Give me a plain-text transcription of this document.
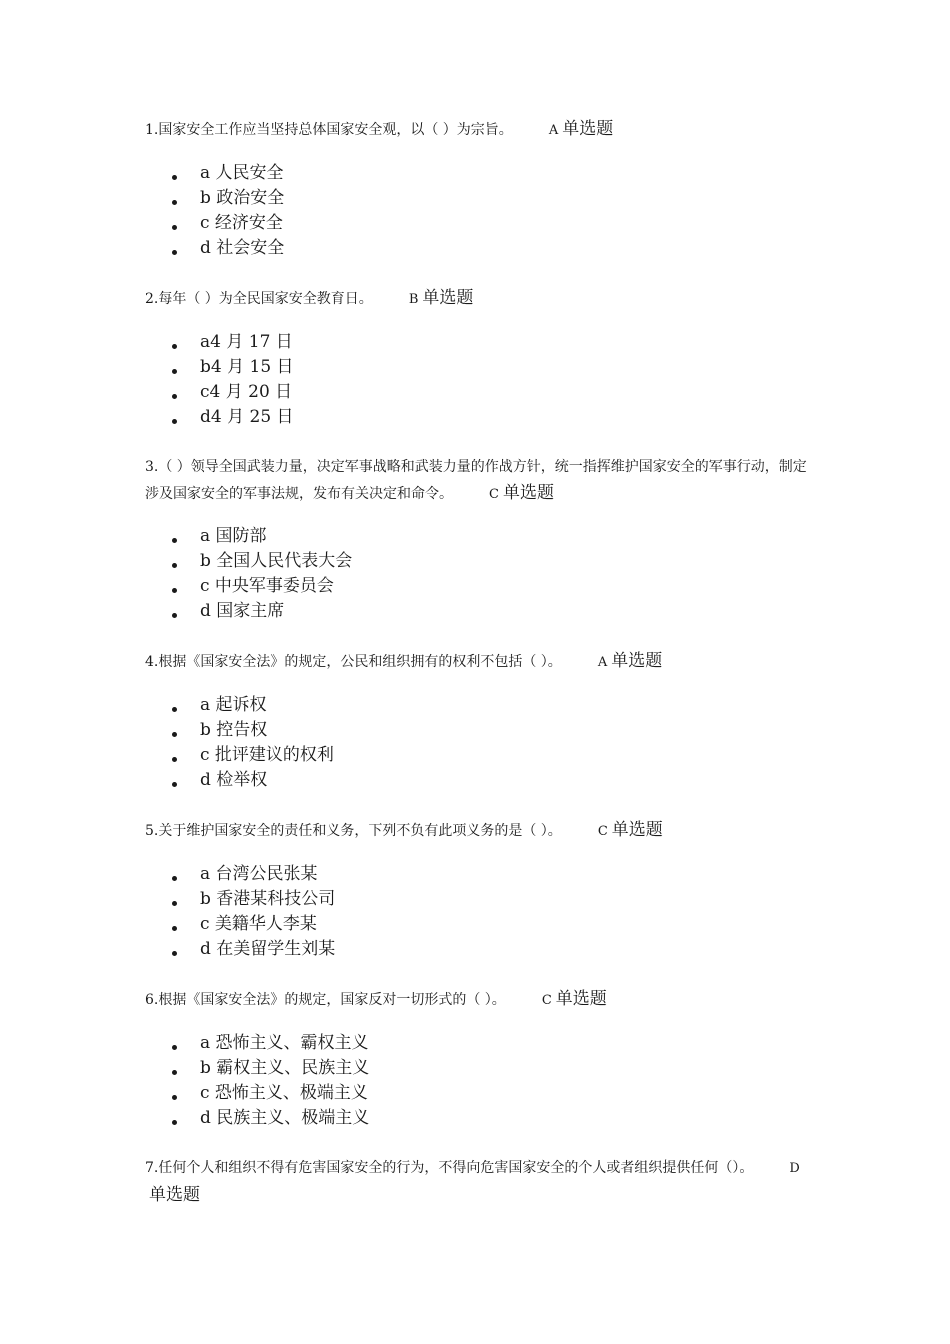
1.国家安全工作应当坚持总体国家安全观，以（ ）为宗旨。	A 单选题

a 人民安全
b 政治安全
c 经济安全
d 社会安全

2.每年（ ）为全民国家安全教育日。	B 单选题

a4 月 17 日
b4 月 15 日
c4 月 20 日
d4 月 25 日

3.（ ）领导全国武装力量，决定军事战略和武装力量的作战方针，统一指挥维护国家安全的军事行动，制定涉及国家安全的军事法规，发布有关决定和命令。	C 单选题

a 国防部
b 全国人民代表大会
c 中央军事委员会
d 国家主席

4.根据《国家安全法》的规定，公民和组织拥有的权利不包括（ ）。	A 单选题

a 起诉权
b 控告权
c 批评建议的权利
d 检举权

5.关于维护国家安全的责任和义务，下列不负有此项义务的是（ ）。	C 单选题

a 台湾公民张某
b 香港某科技公司
c 美籍华人李某
d 在美留学生刘某

6.根据《国家安全法》的规定，国家反对一切形式的（ ）。	C 单选题

a 恐怖主义、霸权主义
b 霸权主义、民族主义
c 恐怖主义、极端主义
d 民族主义、极端主义

7.任何个人和组织不得有危害国家安全的行为，不得向危害国家安全的个人或者组织提供任何（）。	D单选题
